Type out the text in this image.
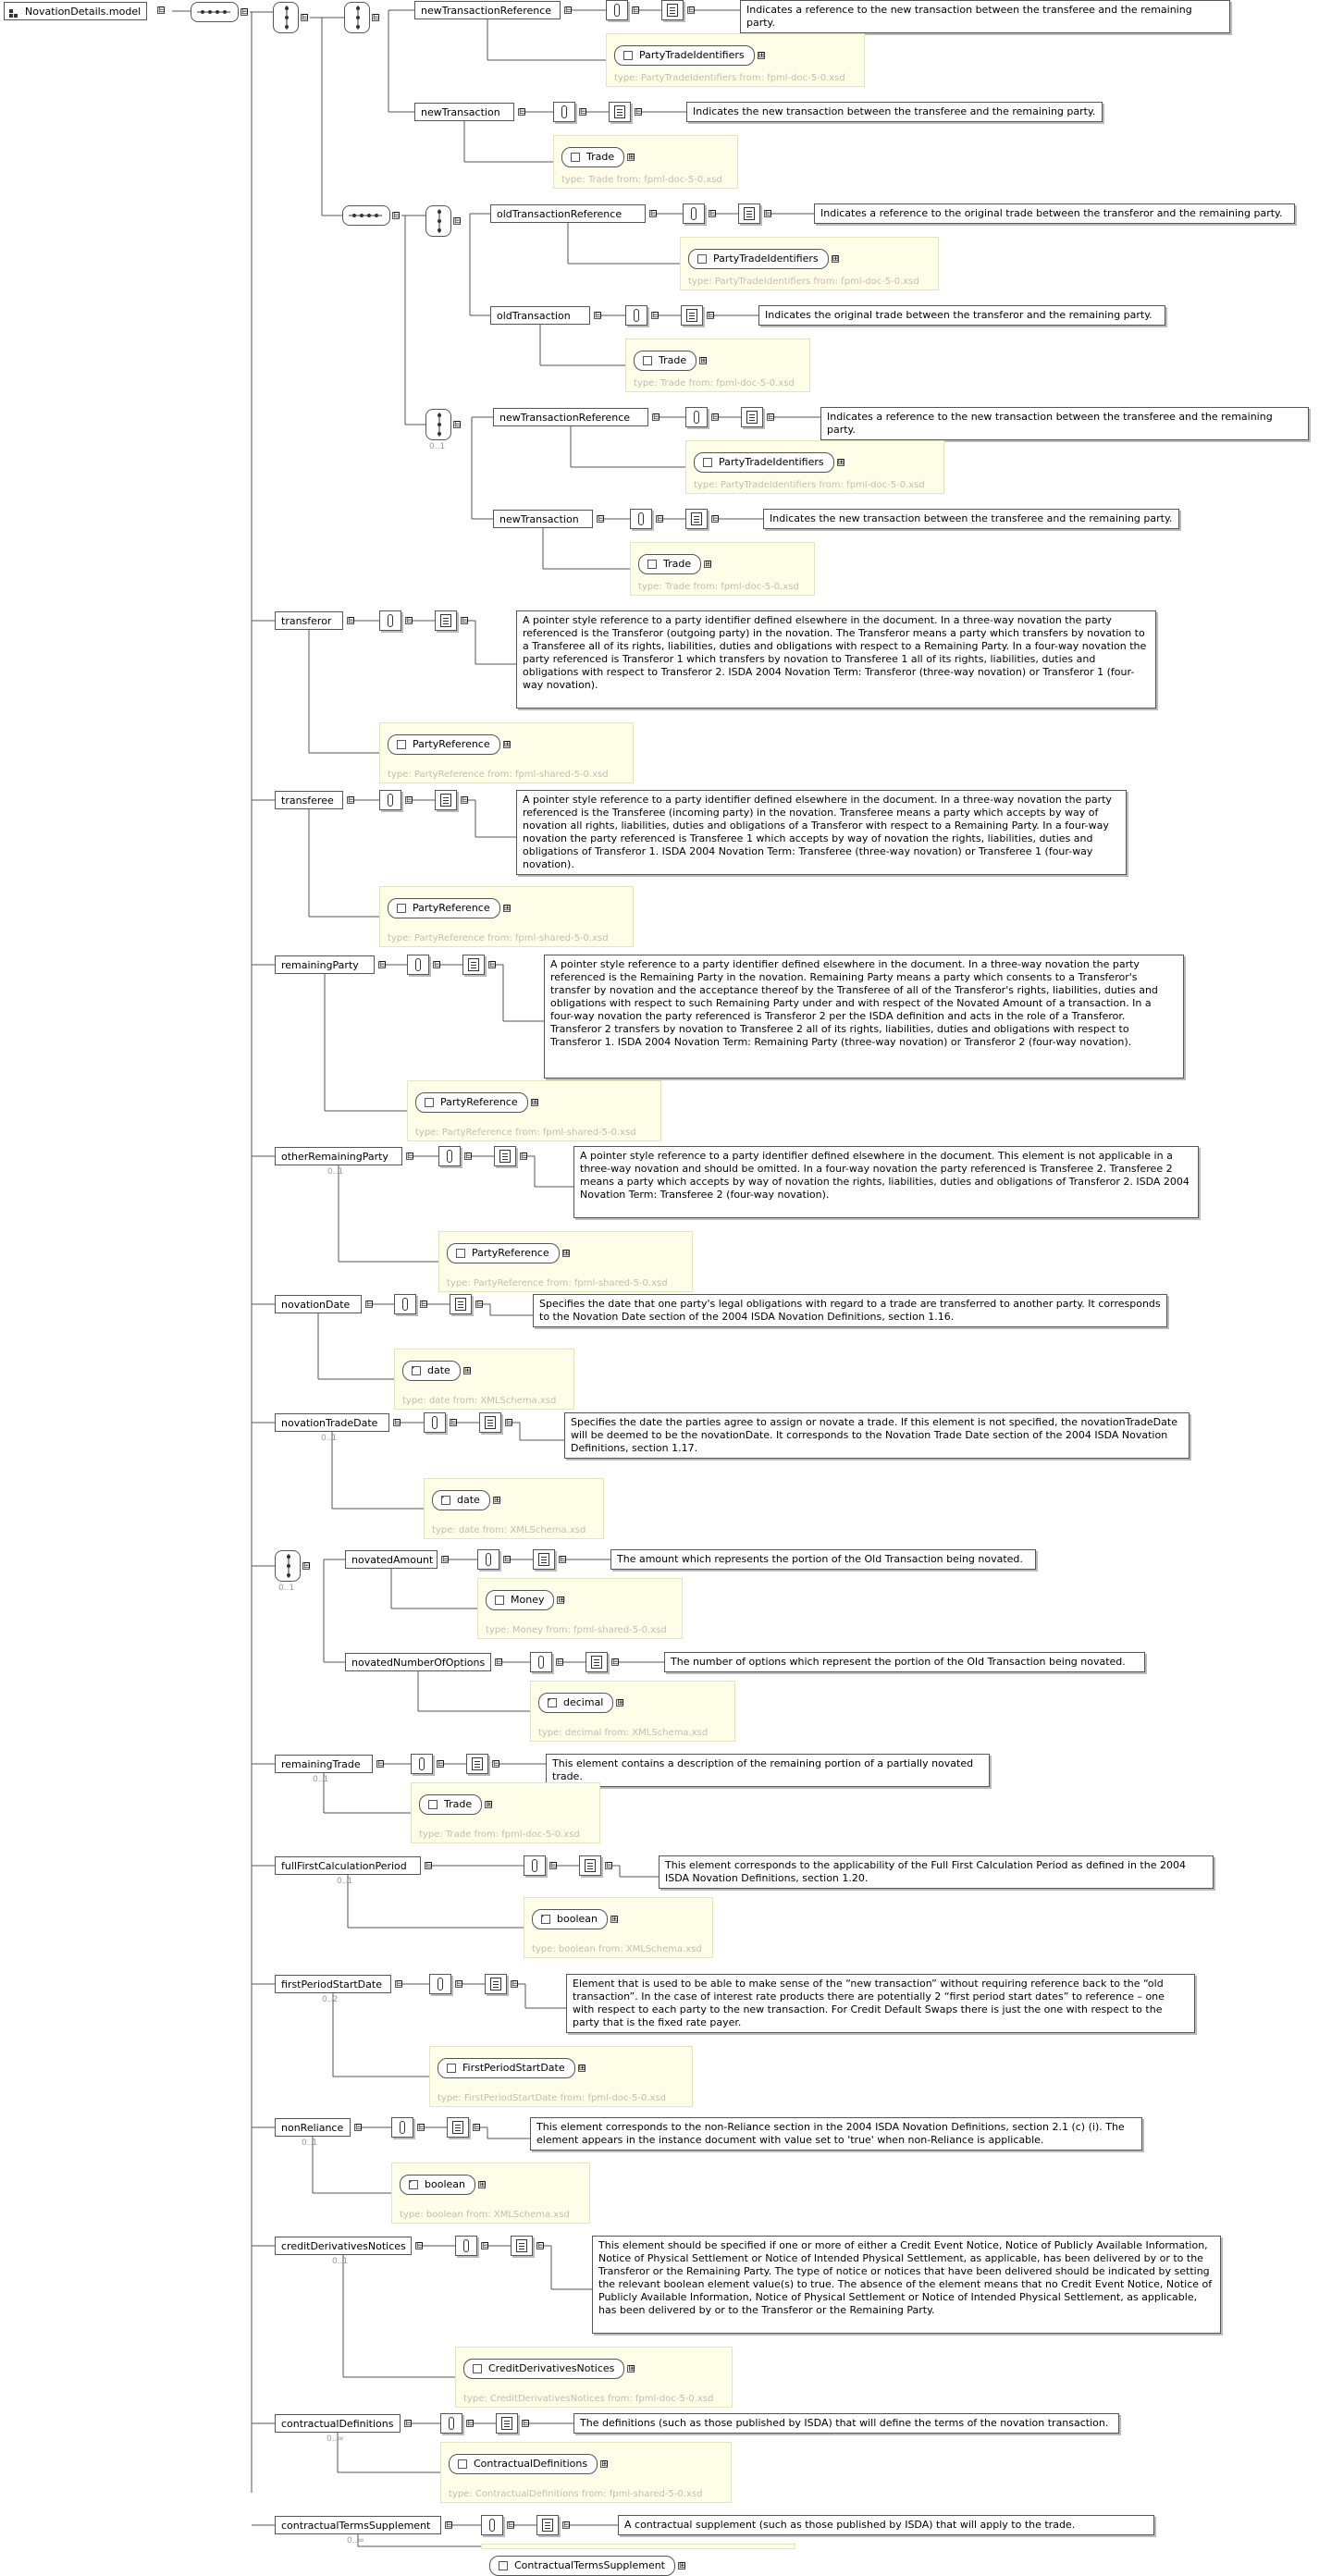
NovationDetails.model	⊟	newTransactionReference	⊟	⊟	⊟	Indicates a reference to the new transaction between the transferee and the remaining party.
PartyTradeIdentifiers ⊞
type: PartyTradeIdentifiers from: fpml-doc-5-0.xsd
newTransaction	⊟	⊟	⊟	Indicates the new transaction between the transferee and the remaining party.
Trade ⊞
type: Trade from: fpml-doc-5-0.xsd
oldTransactionReference	⊟	⊟	⊟	Indicates a reference to the original trade between the transferor and the remaining party.
PartyTradeIdentifiers ⊞
type: PartyTradeIdentifiers from: fpml-doc-5-0.xsd
oldTransaction	⊟	⊟	⊟	Indicates the original trade between the transferor and the remaining party.
Trade ⊞
type: Trade from: fpml-doc-5-0.xsd
newTransactionReference	⊟	⊟	⊟	Indicates a reference to the new transaction between the transferee and the remaining party.
PartyTradeIdentifiers ⊞
type: PartyTradeIdentifiers from: fpml-doc-5-0.xsd
newTransaction	⊟	⊟	⊟	Indicates the new transaction between the transferee and the remaining party.
Trade ⊞
type: Trade from: fpml-doc-5-0.xsd
transferor	⊟	⊟	⊟	A pointer style reference to a party identifier defined elsewhere in the document. In a three-way novation the party referenced is the Transferor (outgoing party) in the novation. The Transferor means a party which transfers by novation to a Transferee all of its rights, liabilities, duties and obligations with respect to a Remaining Party. In a four-way novation the party referenced is Transferor 1 which transfers by novation to Transferee 1 all of its rights, liabilities, duties and obligations with respect to Transferor 2. ISDA 2004 Novation Term: Transferor (three-way novation) or Transferor 1 (four-way novation).
PartyReference ⊞
type: PartyReference from: fpml-shared-5-0.xsd
transferee	⊟	⊟	⊟	A pointer style reference to a party identifier defined elsewhere in the document. In a three-way novation the party referenced is the Transferee (incoming party) in the novation. Transferee means a party which accepts by way of novation all rights, liabilities, duties and obligations of a Transferor with respect to a Remaining Party. In a four-way novation the party referenced is Transferee 1 which accepts by way of novation the rights, liabilities, duties and obligations of Transferor 1. ISDA 2004 Novation Term: Transferee (three-way novation) or Transferee 1 (four-way novation).
PartyReference ⊞
type: PartyReference from: fpml-shared-5-0.xsd
remainingParty	⊟	⊟	⊟	A pointer style reference to a party identifier defined elsewhere in the document. In a three-way novation the party referenced is the Remaining Party in the novation. Remaining Party means a party which consents to a Transferor's transfer by novation and the acceptance thereof by the Transferee of all of the Transferor's rights, liabilities, duties and obligations with respect to such Remaining Party under and with respect of the Novated Amount of a transaction. In a four-way novation the party referenced is Transferor 2 per the ISDA definition and acts in the role of a Transferor. Transferor 2 transfers by novation to Transferee 2 all of its rights, liabilities, duties and obligations with respect to Transferor 1. ISDA 2004 Novation Term: Remaining Party (three-way novation) or Transferor 2 (four-way novation).
PartyReference ⊞
type: PartyReference from: fpml-shared-5-0.xsd
otherRemainingParty	⊟
0..1
⊟	⊟	A pointer style reference to a party identifier defined elsewhere in the document. This element is not applicable in a three-way novation and should be omitted. In a four-way novation the party referenced is Transferee 2. Transferee 2 means a party which accepts by way of novation the rights, liabilities, duties and obligations of Transferor 2. ISDA 2004 Novation Term: Transferee 2 (four-way novation).
PartyReference ⊞
type: PartyReference from: fpml-shared-5-0.xsd
novationDate	⊟	⊟	⊟	Specifies the date that one party's legal obligations with regard to a trade are transferred to another party. It corresponds to the Novation Date section of the 2004 ISDA Novation Definitions, section 1.16.
date ⊞
type: date from: XMLSchema.xsd
novationTradeDate	⊟
0..1
⊟	⊟	Specifies the date the parties agree to assign or novate a trade. If this element is not specified, the novationTradeDate will be deemed to be the novationDate. It corresponds to the Novation Trade Date section of the 2004 ISDA Novation Definitions, section 1.17.
date ⊞
type: date from: XMLSchema.xsd
novatedAmount	⊟	⊟	⊟	The amount which represents the portion of the Old Transaction being novated.
Money ⊞
type: Money from: fpml-shared-5-0.xsd
novatedNumberOfOptions	⊟	⊟	⊟	The number of options which represent the portion of the Old Transaction being novated.
decimal ⊞
type: decimal from: XMLSchema.xsd
remainingTrade	⊟
0..1
⊟	⊟	This element contains a description of the remaining portion of a partially novated trade.
Trade ⊞
type: Trade from: fpml-doc-5-0.xsd
fullFirstCalculationPeriod	⊟
0..1
⊟	⊟	This element corresponds to the applicability of the Full First Calculation Period as defined in the 2004 ISDA Novation Definitions, section 1.20.
boolean ⊞
type: boolean from: XMLSchema.xsd
firstPeriodStartDate	⊟
0..2
⊟	⊟	Element that is used to be able to make sense of the “new transaction” without requiring reference back to the “old transaction”. In the case of interest rate products there are potentially 2 “first period start dates” to reference – one with respect to each party to the new transaction. For Credit Default Swaps there is just the one with respect to the party that is the fixed rate payer.
FirstPeriodStartDate ⊞
type: FirstPeriodStartDate from: fpml-doc-5-0.xsd
nonReliance	⊟
0..1
⊟	⊟	This element corresponds to the non-Reliance section in the 2004 ISDA Novation Definitions, section 2.1 (c) (i). The element appears in the instance document with value set to 'true' when non-Reliance is applicable.
boolean ⊞
type: boolean from: XMLSchema.xsd
creditDerivativesNotices	⊟
0..1
⊟	⊟	This element should be specified if one or more of either a Credit Event Notice, Notice of Publicly Available Information, Notice of Physical Settlement or Notice of Intended Physical Settlement, as applicable, has been delivered by or to the Transferor or the Remaining Party. The type of notice or notices that have been delivered should be indicated by setting the relevant boolean element value(s) to true. The absence of the element means that no Credit Event Notice, Notice of Publicly Available Information, Notice of Physical Settlement or Notice of Intended Physical Settlement, as applicable, has been delivered by or to the Transferor or the Remaining Party.
CreditDerivativesNotices ⊞
type: CreditDerivativesNotices from: fpml-doc-5-0.xsd
contractualDefinitions	⊟
0..∞
⊟	⊟	The definitions (such as those published by ISDA) that will define the terms of the novation transaction.
ContractualDefinitions ⊞
type: ContractualDefinitions from: fpml-shared-5-0.xsd
contractualTermsSupplement	⊟
0..∞
⊟	⊟	A contractual supplement (such as those published by ISDA) that will apply to the trade.
ContractualTermsSupplement ⊞
⊟
⊟	⊟
⊟
⊟
⊟
0..1
⊟
0..1
